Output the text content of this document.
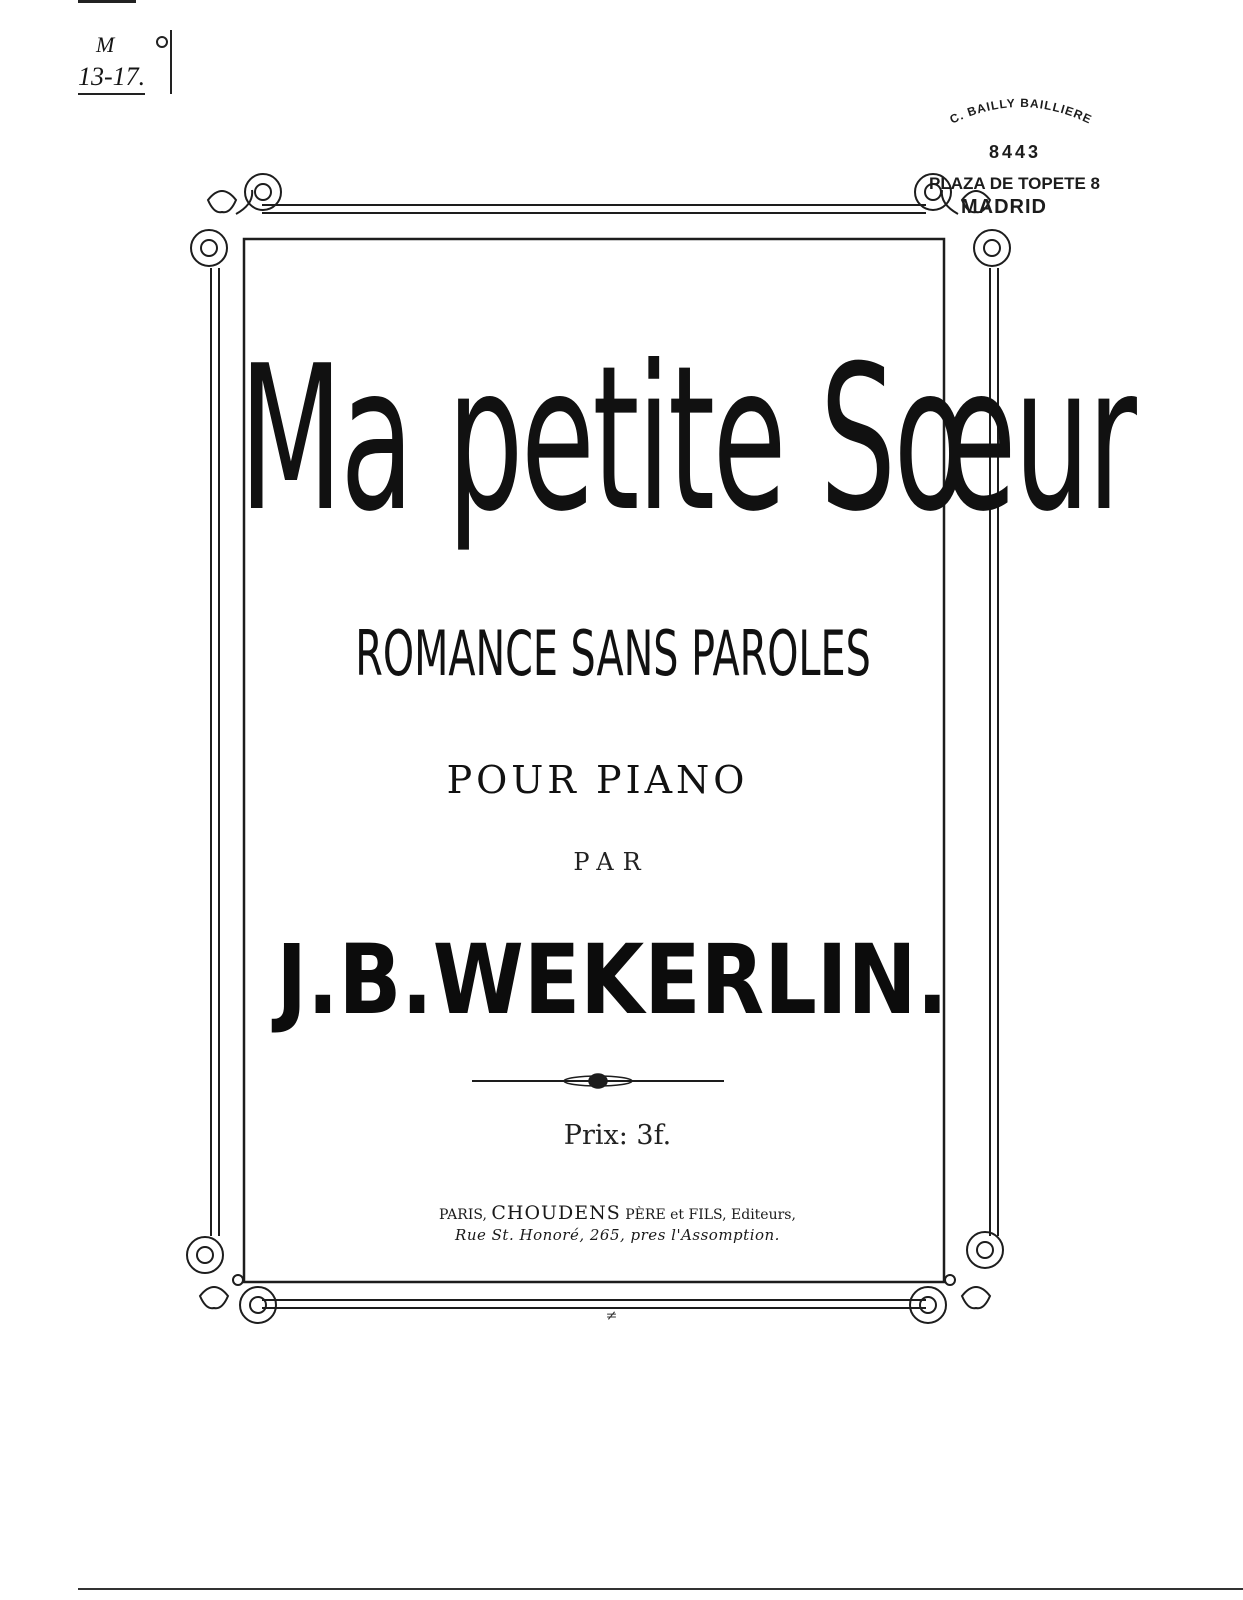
M
13-17.
C. BAILLY BAILLIERE
8443
PLAZA DE TOPETE 8
MADRID
Ma petite Sœur
ROMANCE SANS PAROLES
POUR PIANO
PAR
J.B.WEKERLIN.
Prix: 3f.
PARIS, CHOUDENS PÈRE et FILS, Editeurs,
Rue St. Honoré, 265, pres l'Assomption.
≠
